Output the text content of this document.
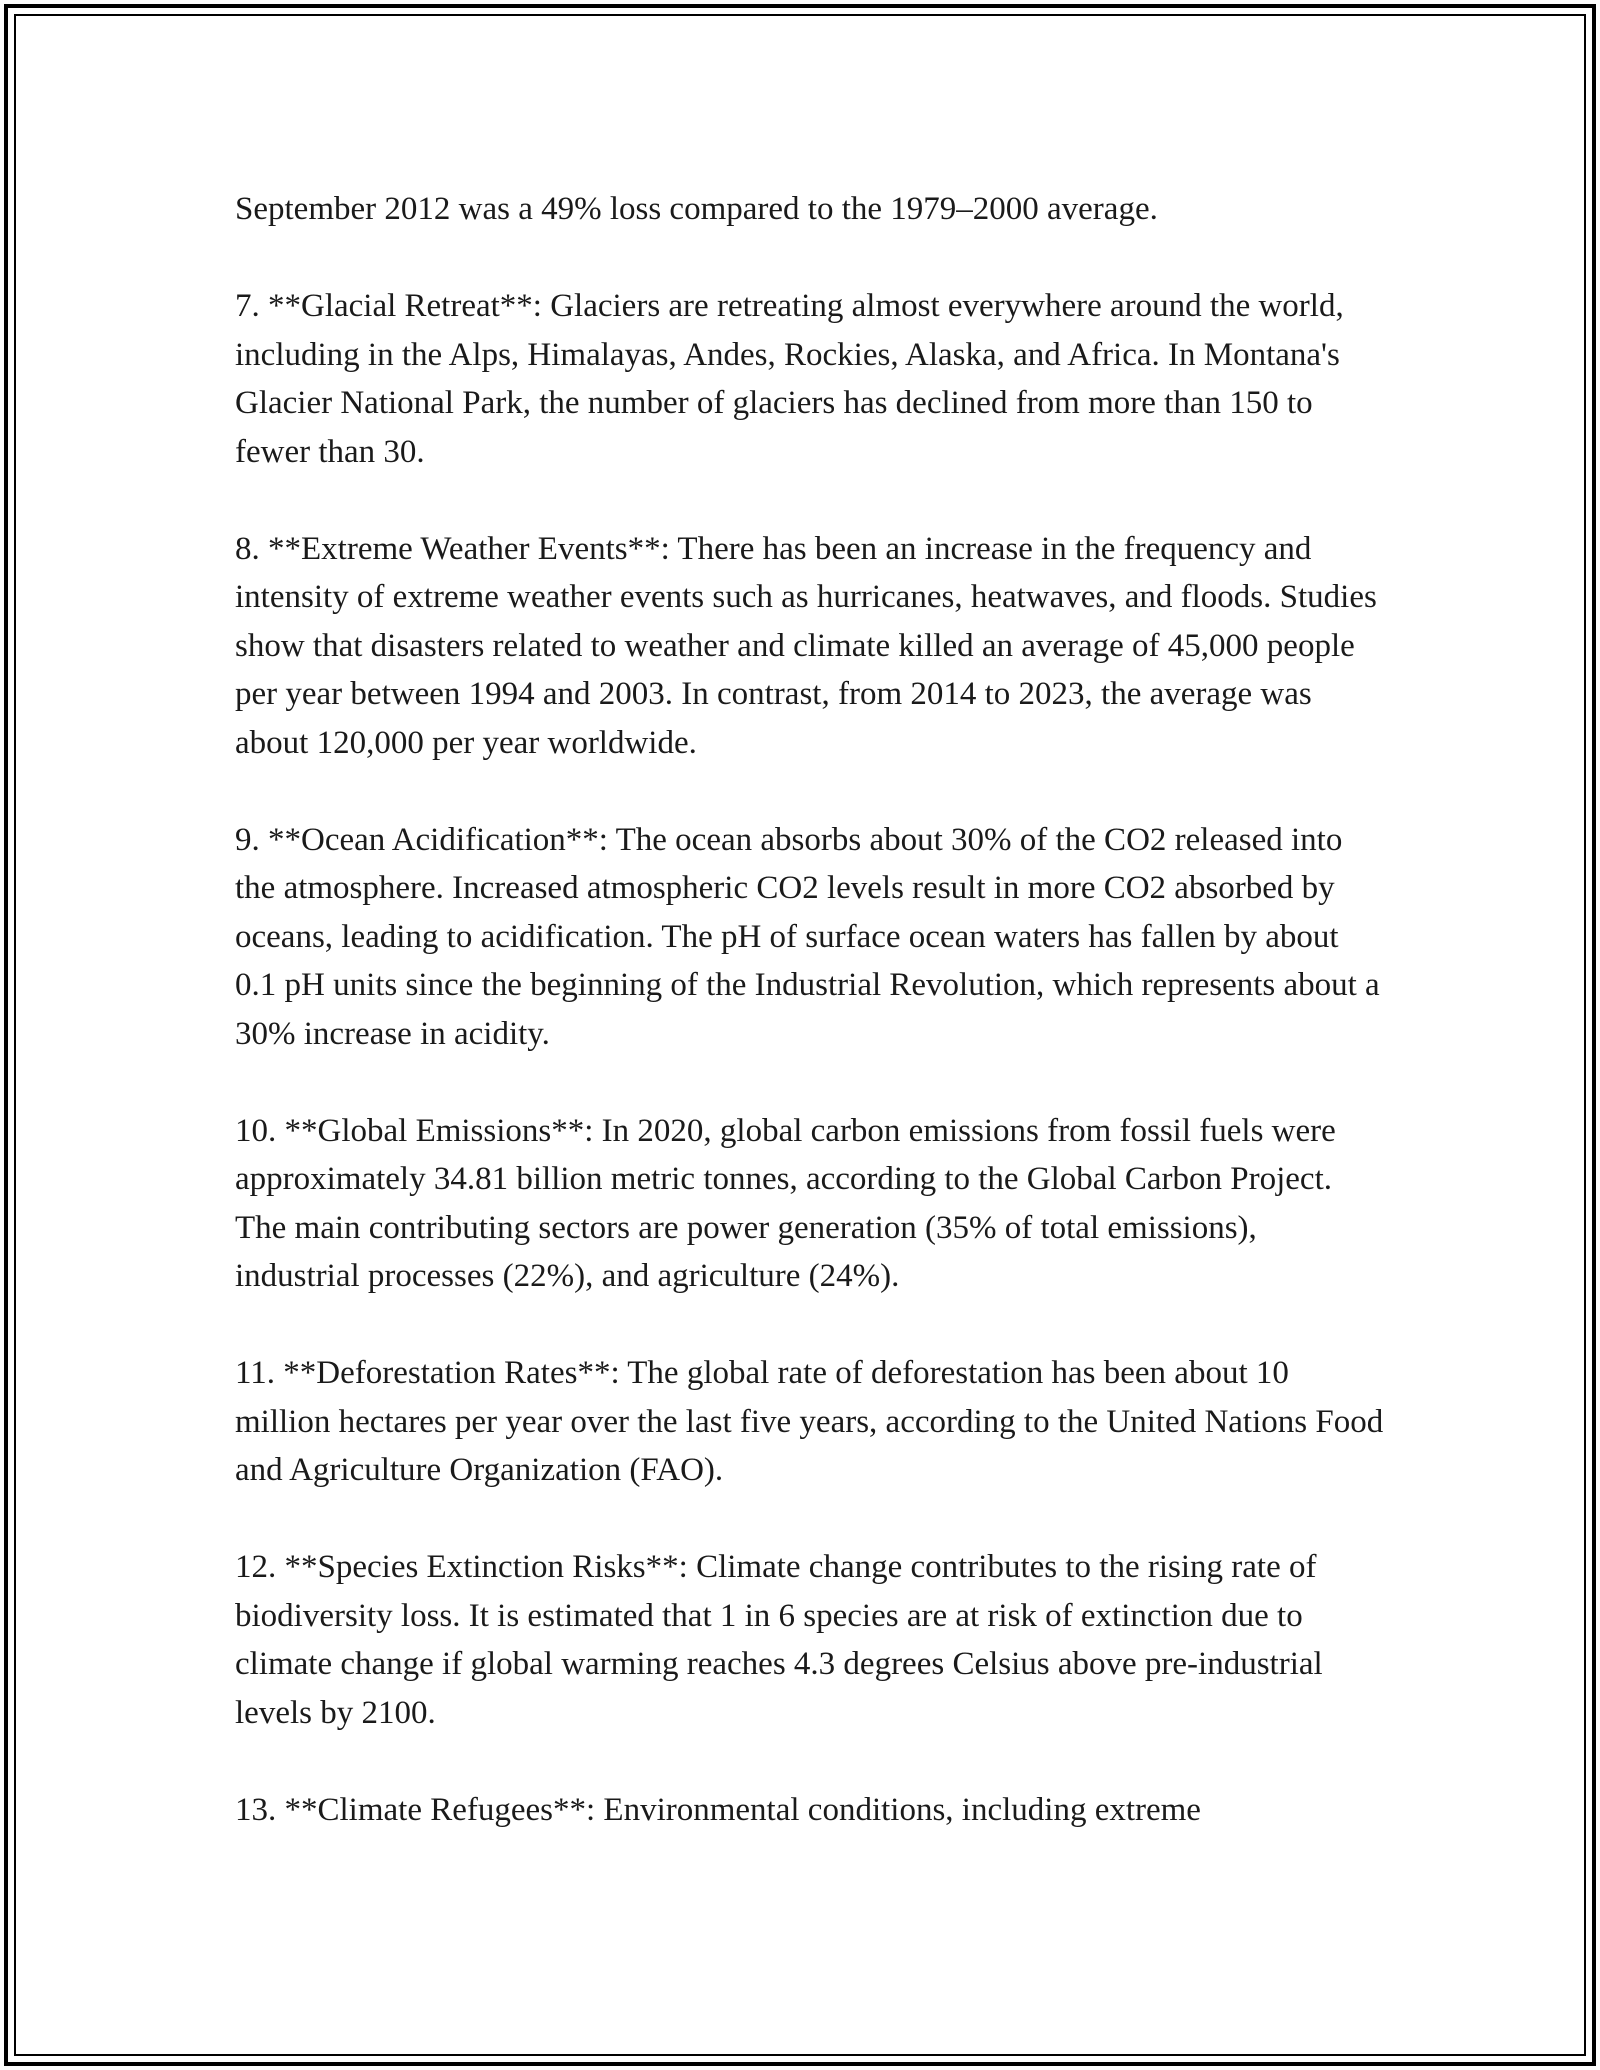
September 2012 was a 49% loss compared to the 1979–2000 average.

7. **Glacial Retreat**: Glaciers are retreating almost everywhere around the world, including in the Alps, Himalayas, Andes, Rockies, Alaska, and Africa. In Montana's Glacier National Park, the number of glaciers has declined from more than 150 to fewer than 30.

8. **Extreme Weather Events**: There has been an increase in the frequency and intensity of extreme weather events such as hurricanes, heatwaves, and floods. Studies show that disasters related to weather and climate killed an average of 45,000 people per year between 1994 and 2003. In contrast, from 2014 to 2023, the average was about 120,000 per year worldwide.

9. **Ocean Acidification**: The ocean absorbs about 30% of the CO2 released into the atmosphere. Increased atmospheric CO2 levels result in more CO2 absorbed by oceans, leading to acidification. The pH of surface ocean waters has fallen by about 0.1 pH units since the beginning of the Industrial Revolution, which represents about a 30% increase in acidity.

10. **Global Emissions**: In 2020, global carbon emissions from fossil fuels were approximately 34.81 billion metric tonnes, according to the Global Carbon Project. The main contributing sectors are power generation (35% of total emissions), industrial processes (22%), and agriculture (24%).

11. **Deforestation Rates**: The global rate of deforestation has been about 10 million hectares per year over the last five years, according to the United Nations Food and Agriculture Organization (FAO).

12. **Species Extinction Risks**: Climate change contributes to the rising rate of biodiversity loss. It is estimated that 1 in 6 species are at risk of extinction due to climate change if global warming reaches 4.3 degrees Celsius above pre-industrial levels by 2100.

13. **Climate Refugees**: Environmental conditions, including extreme
